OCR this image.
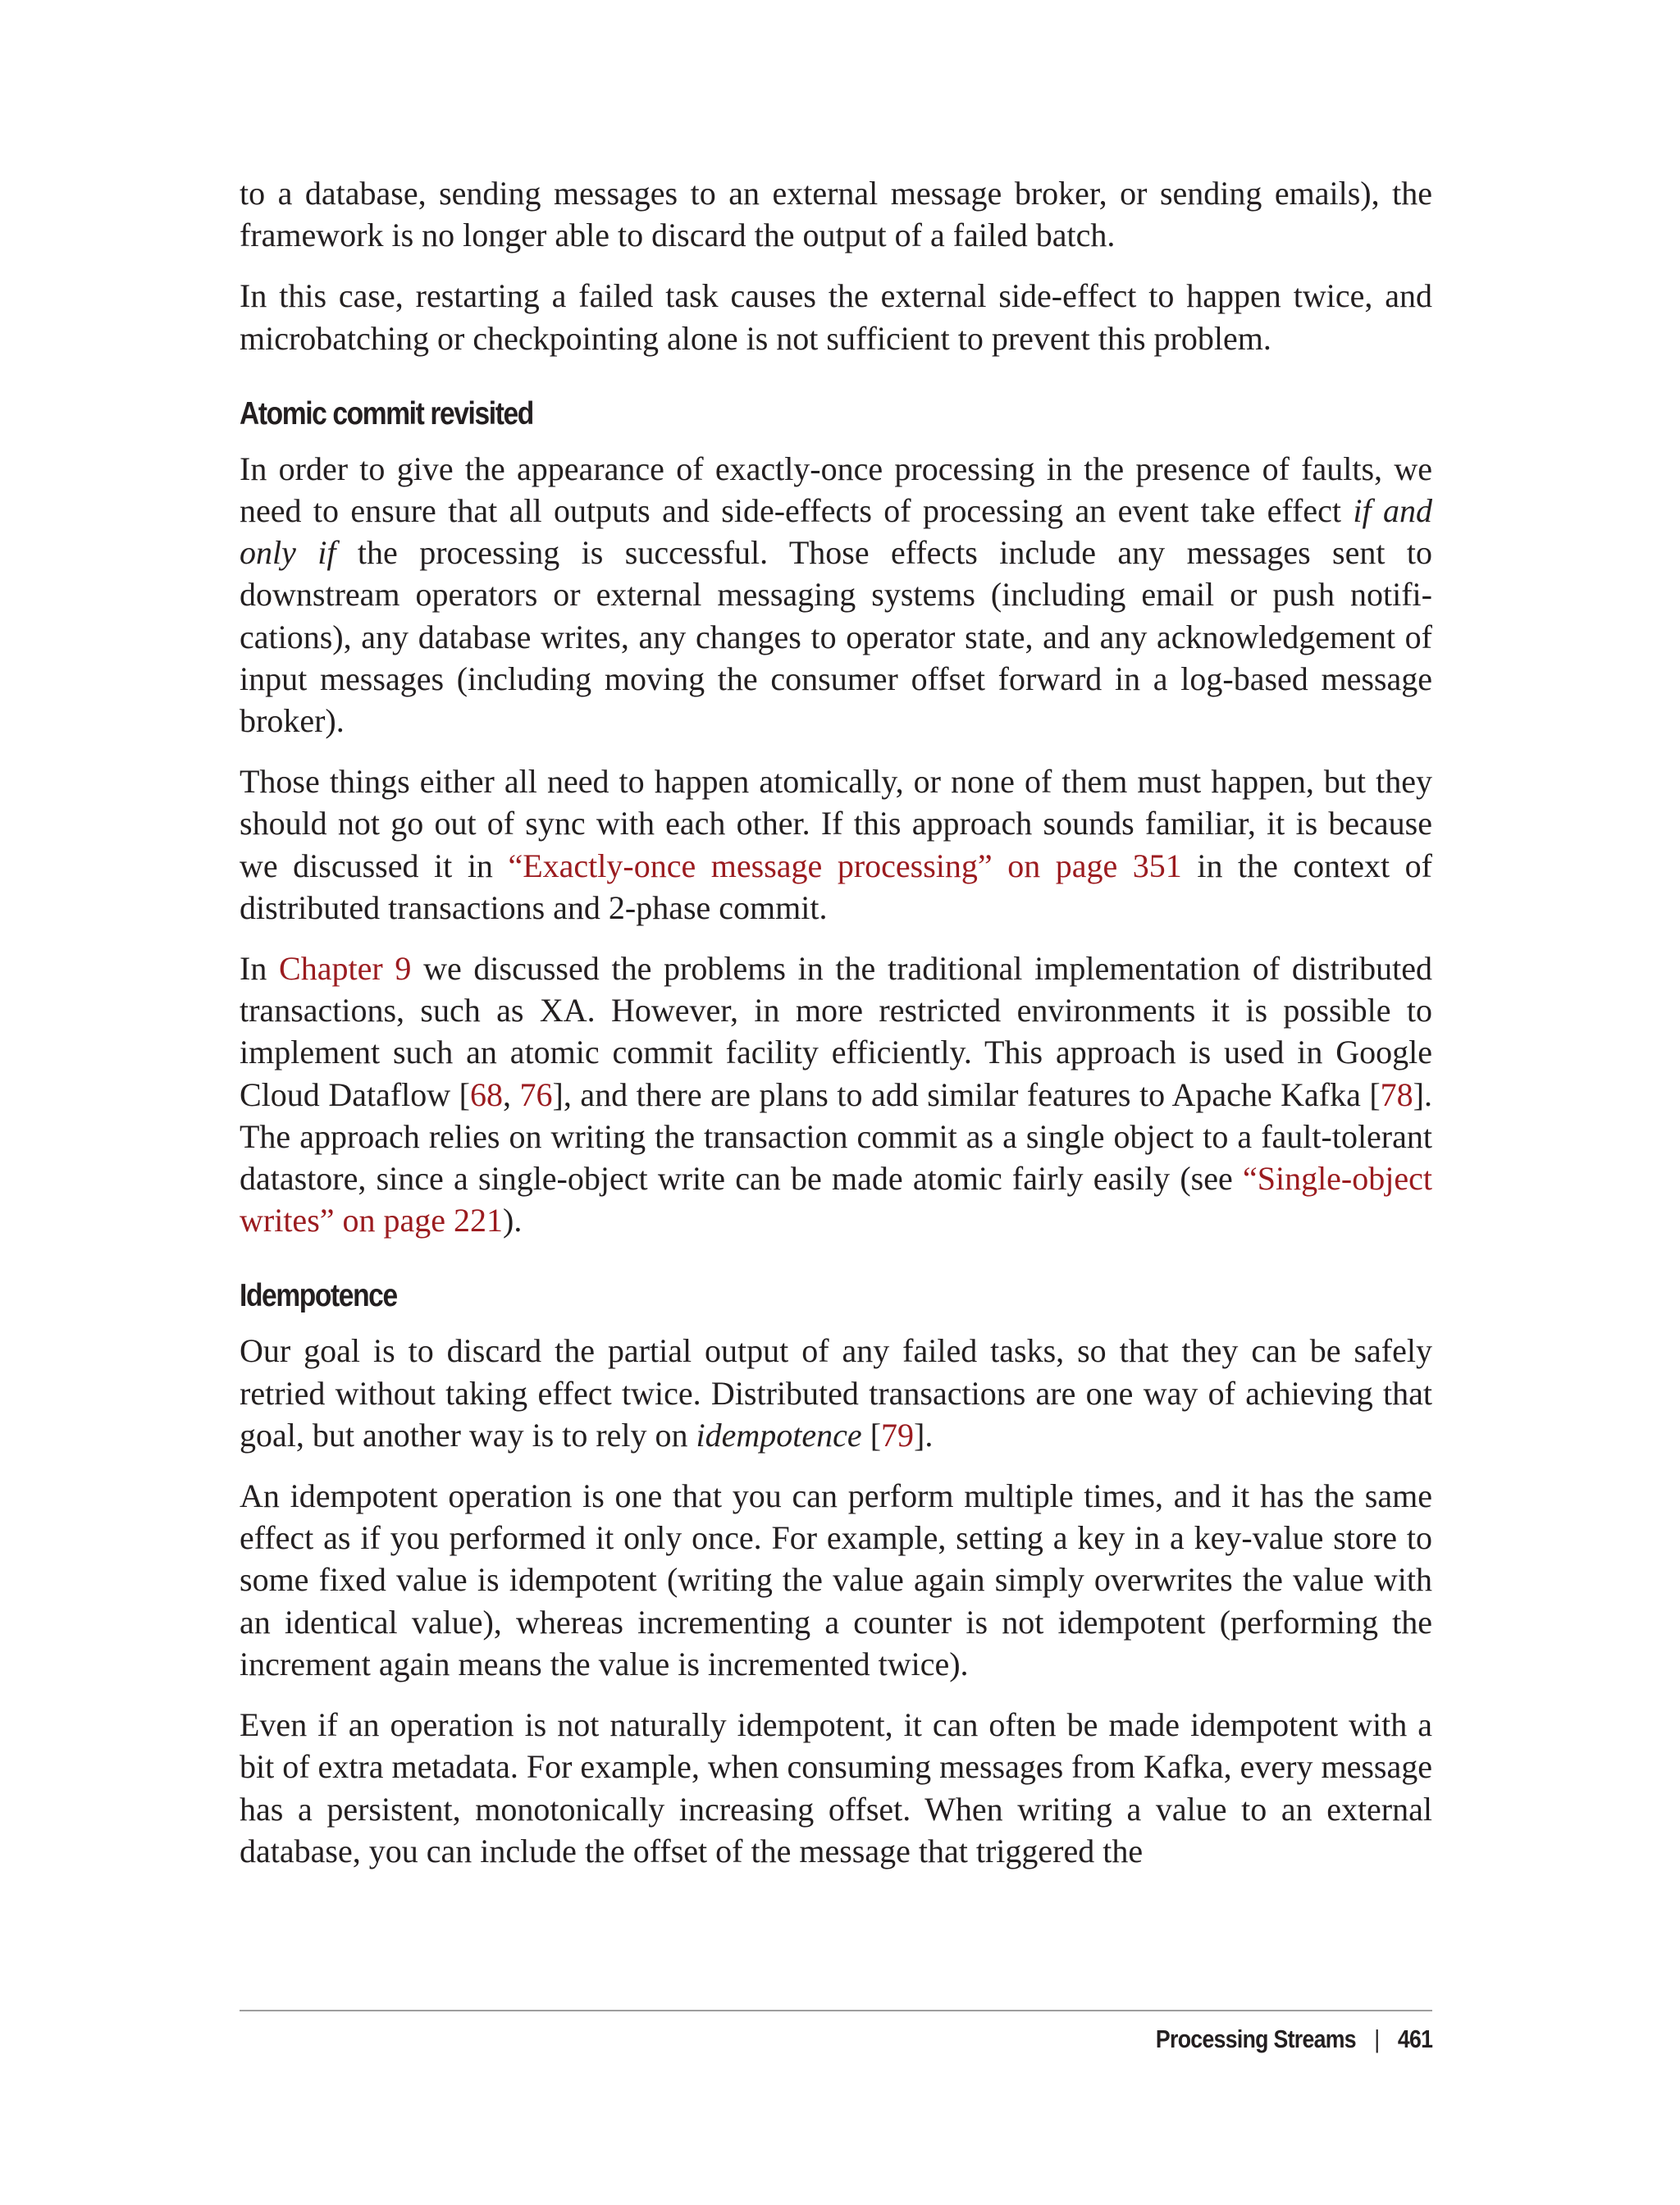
to a database, sending messages to an external message broker, or sending emails), the framework is no longer able to discard the output of a failed batch.

In this case, restarting a failed task causes the external side-effect to happen twice, and microbatching or checkpointing alone is not sufficient to prevent this problem.

Atomic commit revisited

In order to give the appearance of exactly-once processing in the presence of faults, we need to ensure that all outputs and side-effects of processing an event take effect if and only if the processing is successful. Those effects include any messages sent to downstream operators or external messaging systems (including email or push notifications), any database writes, any changes to operator state, and any acknowledgement of input messages (including moving the consumer offset forward in a log-based message broker).

Those things either all need to happen atomically, or none of them must happen, but they should not go out of sync with each other. If this approach sounds familiar, it is because we discussed it in “Exactly-once message processing” on page 351 in the context of distributed transactions and 2-phase commit.

In Chapter 9 we discussed the problems in the traditional implementation of distributed transactions, such as XA. However, in more restricted environments it is possible to implement such an atomic commit facility efficiently. This approach is used in Google Cloud Dataflow [68, 76], and there are plans to add similar features to Apache Kafka [78]. The approach relies on writing the transaction commit as a single object to a fault-tolerant datastore, since a single-object write can be made atomic fairly easily (see “Single-object writes” on page 221).

Idempotence

Our goal is to discard the partial output of any failed tasks, so that they can be safely retried without taking effect twice. Distributed transactions are one way of achieving that goal, but another way is to rely on idempotence [79].

An idempotent operation is one that you can perform multiple times, and it has the same effect as if you performed it only once. For example, setting a key in a key-value store to some fixed value is idempotent (writing the value again simply overwrites the value with an identical value), whereas incrementing a counter is not idempotent (performing the increment again means the value is incremented twice).

Even if an operation is not naturally idempotent, it can often be made idempotent with a bit of extra metadata. For example, when consuming messages from Kafka, every message has a persistent, monotonically increasing offset. When writing a value to an external database, you can include the offset of the message that triggered the

Processing Streams | 461
